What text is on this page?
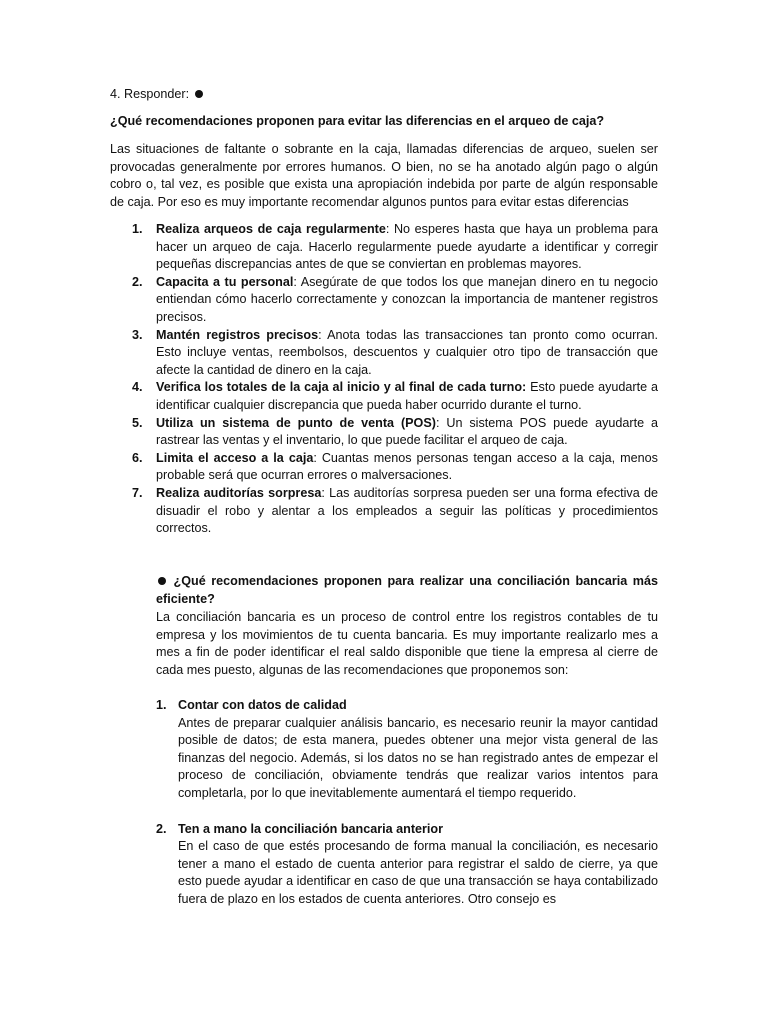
4. Responder:

¿Qué recomendaciones proponen para evitar las diferencias en el arqueo de caja?

Las situaciones de faltante o sobrante en la caja, llamadas diferencias de arqueo, suelen ser provocadas generalmente por errores humanos. O bien, no se ha anotado algún pago o algún cobro o, tal vez, es posible que exista una apropiación indebida por parte de algún responsable de caja. Por eso es muy importante recomendar algunos puntos para evitar estas diferencias

1. Realiza arqueos de caja regularmente: No esperes hasta que haya un problema para hacer un arqueo de caja. Hacerlo regularmente puede ayudarte a identificar y corregir pequeñas discrepancias antes de que se conviertan en problemas mayores.
2. Capacita a tu personal: Asegúrate de que todos los que manejan dinero en tu negocio entiendan cómo hacerlo correctamente y conozcan la importancia de mantener registros precisos.
3. Mantén registros precisos: Anota todas las transacciones tan pronto como ocurran. Esto incluye ventas, reembolsos, descuentos y cualquier otro tipo de transacción que afecte la cantidad de dinero en la caja.
4. Verifica los totales de la caja al inicio y al final de cada turno: Esto puede ayudarte a identificar cualquier discrepancia que pueda haber ocurrido durante el turno.
5. Utiliza un sistema de punto de venta (POS): Un sistema POS puede ayudarte a rastrear las ventas y el inventario, lo que puede facilitar el arqueo de caja.
6. Limita el acceso a la caja: Cuantas menos personas tengan acceso a la caja, menos probable será que ocurran errores o malversaciones.
7. Realiza auditorías sorpresa: Las auditorías sorpresa pueden ser una forma efectiva de disuadir el robo y alentar a los empleados a seguir las políticas y procedimientos correctos.

¿Qué recomendaciones proponen para realizar una conciliación bancaria más eficiente?

La conciliación bancaria es un proceso de control entre los registros contables de tu empresa y los movimientos de tu cuenta bancaria. Es muy importante realizarlo mes a mes a fin de poder identificar el real saldo disponible que tiene la empresa al cierre de cada mes puesto, algunas de las recomendaciones que proponemos son:

1. Contar con datos de calidad
Antes de preparar cualquier análisis bancario, es necesario reunir la mayor cantidad posible de datos; de esta manera, puedes obtener una mejor vista general de las finanzas del negocio. Además, si los datos no se han registrado antes de empezar el proceso de conciliación, obviamente tendrás que realizar varios intentos para completarla, por lo que inevitablemente aumentará el tiempo requerido.
2. Ten a mano la conciliación bancaria anterior
En el caso de que estés procesando de forma manual la conciliación, es necesario tener a mano el estado de cuenta anterior para registrar el saldo de cierre, ya que esto puede ayudar a identificar en caso de que una transacción se haya contabilizado fuera de plazo en los estados de cuenta anteriores. Otro consejo es
